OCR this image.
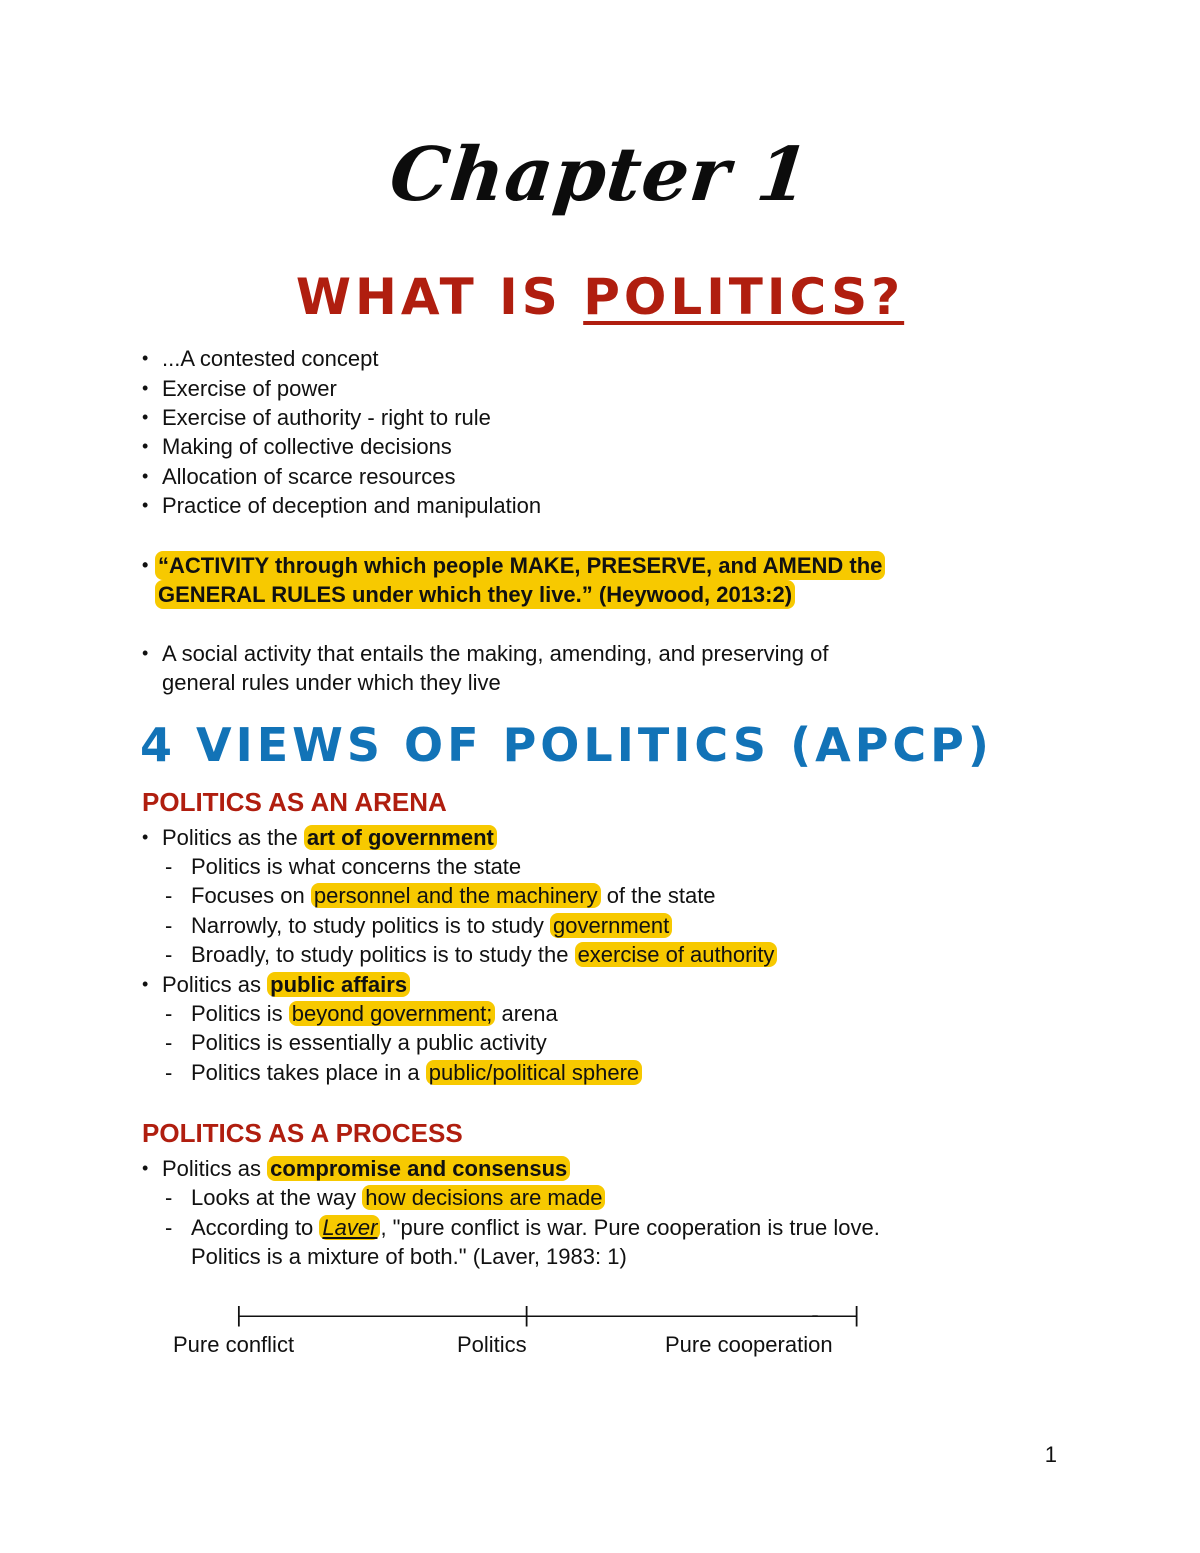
Chapter 1
WHAT IS POLITICS?
• ...A contested concept
• Exercise of power
• Exercise of authority - right to rule
• Making of collective decisions
• Allocation of scarce resources
• Practice of deception and manipulation
• “ACTIVITY through which people MAKE, PRESERVE, and AMEND the
GENERAL RULES under which they live.” (Heywood, 2013:2)
• A social activity that entails the making, amending, and preserving of
general rules under which they live
4 VIEWS OF POLITICS (APCP)
POLITICS AS AN ARENA
• Politics as the art of government
- Politics is what concerns the state
- Focuses on personnel and the machinery of the state
- Narrowly, to study politics is to study government
- Broadly, to study politics is to study the exercise of authority
• Politics as public affairs
- Politics is beyond government; arena
- Politics is essentially a public activity
- Politics takes place in a public/political sphere
POLITICS AS A PROCESS
• Politics as compromise and consensus
- Looks at the way how decisions are made
- According to Laver , "pure conflict is war. Pure cooperation is true love.
Politics is a mixture of both." (Laver, 1983: 1)
|———————————————|———————————————-——|
Pure conflict	Politics	Pure cooperation
1
